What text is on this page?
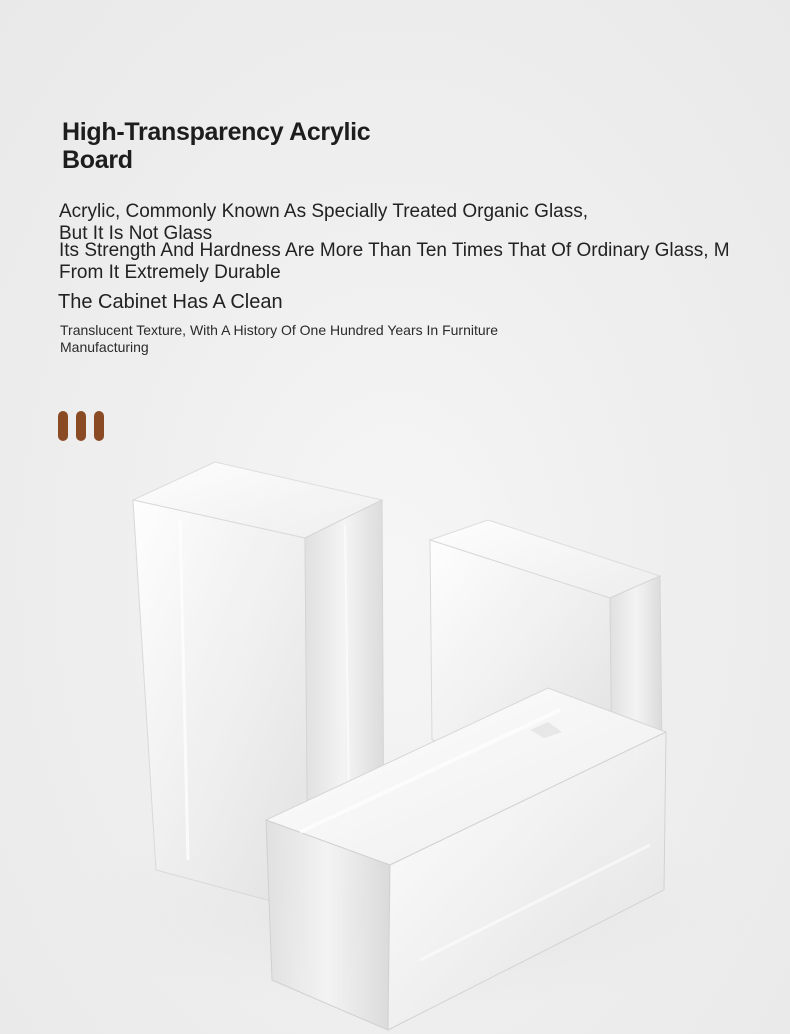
High-Transparency Acrylic Board
Acrylic, Commonly Known As Specially Treated Organic Glass,
But It Is Not Glass
Its Strength And Hardness Are More Than Ten Times That Of Ordinary Glass, M
From It Extremely Durable
The Cabinet Has A Clean
Translucent Texture, With A History Of One Hundred Years In Furniture Manufacturing
